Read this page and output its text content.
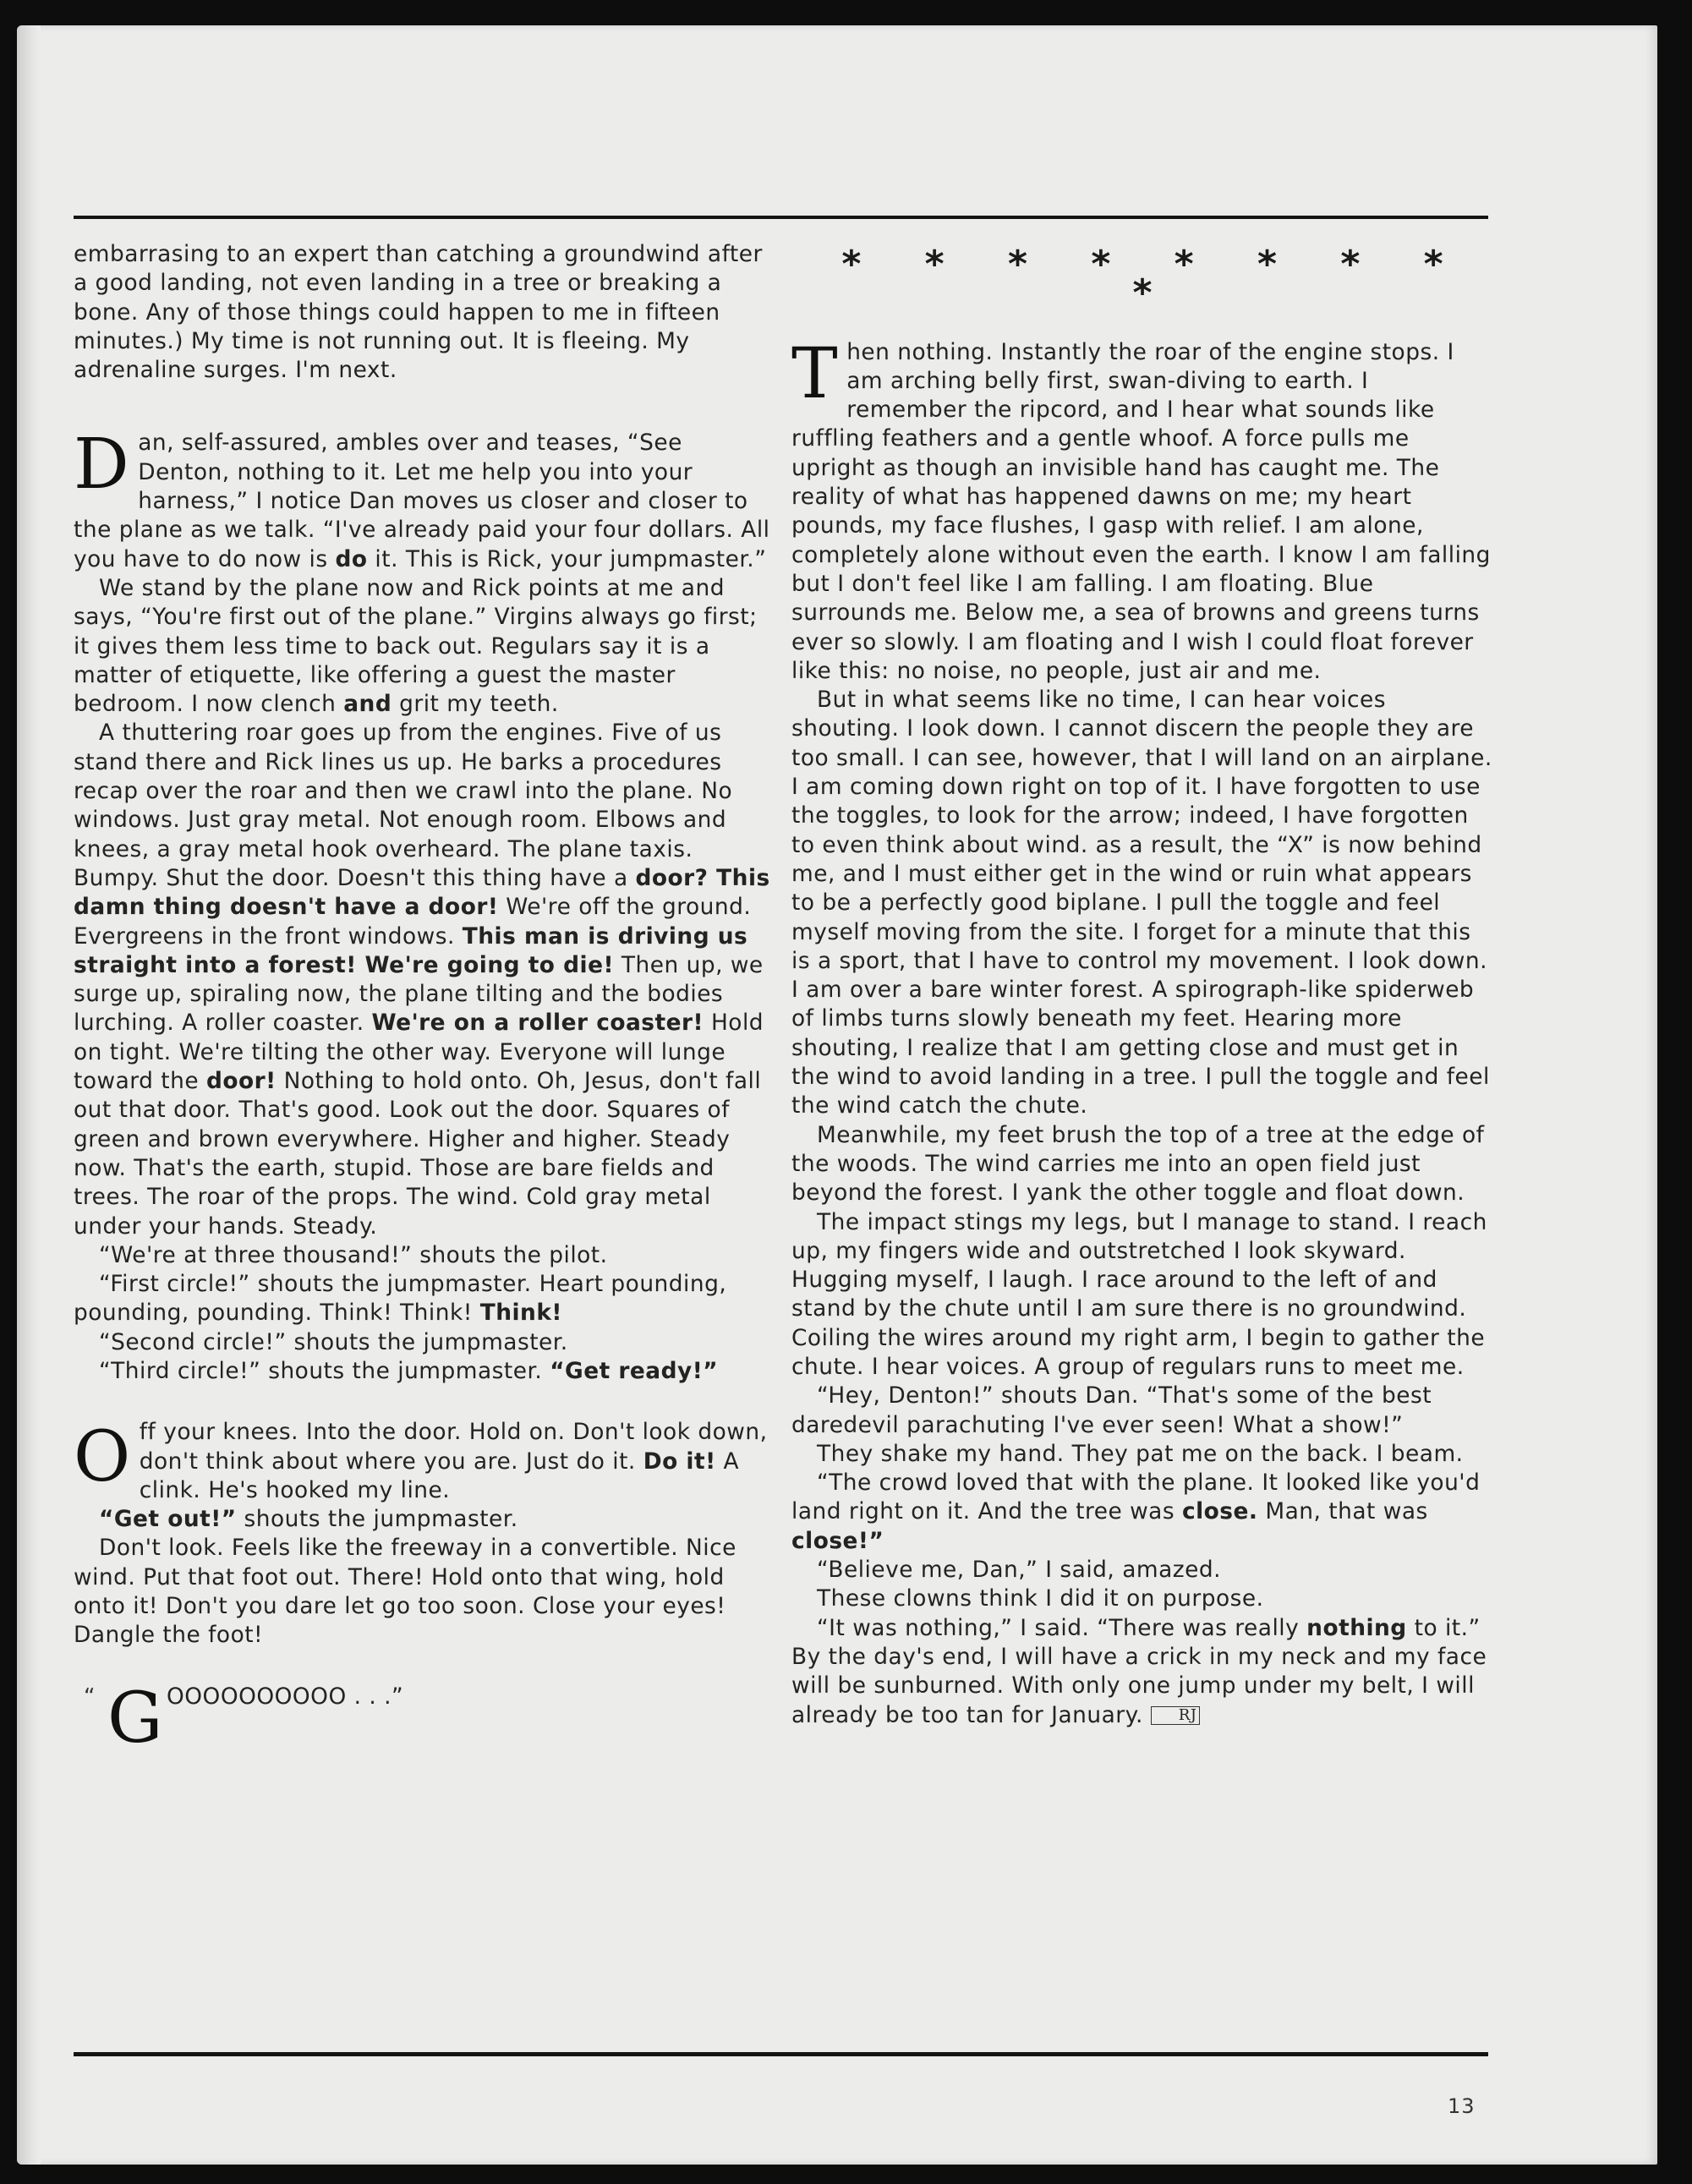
embarrasing to an expert than catching a groundwind after a good landing, not even landing in a tree or breaking a bone. Any of those things could happen to me in fifteen minutes.) My time is not running out. It is fleeing. My adrenaline surges. I'm next.

Dan, self-assured, ambles over and teases, “See Denton, nothing to it. Let me help you into your harness,” I notice Dan moves us closer and closer to the plane as we talk. “I've already paid your four dollars. All you have to do now is do it. This is Rick, your jumpmaster.”

We stand by the plane now and Rick points at me and says, “You're first out of the plane.” Virgins always go first; it gives them less time to back out. Regulars say it is a matter of etiquette, like offering a guest the master bedroom. I now clench and grit my teeth.

A thuttering roar goes up from the engines. Five of us stand there and Rick lines us up. He barks a procedures recap over the roar and then we crawl into the plane. No windows. Just gray metal. Not enough room. Elbows and knees, a gray metal hook overheard. The plane taxis. Bumpy. Shut the door. Doesn't this thing have a door? This damn thing doesn't have a door! We're off the ground. Evergreens in the front windows. This man is driving us straight into a forest! We're going to die! Then up, we surge up, spiraling now, the plane tilting and the bodies lurching. A roller coaster. We're on a roller coaster! Hold on tight. We're tilting the other way. Everyone will lunge toward the door! Nothing to hold onto. Oh, Jesus, don't fall out that door. That's good. Look out the door. Squares of green and brown everywhere. Higher and higher. Steady now. That's the earth, stupid. Those are bare fields and trees. The roar of the props. The wind. Cold gray metal under your hands. Steady.

“We're at three thousand!” shouts the pilot.

“First circle!” shouts the jumpmaster. Heart pounding, pounding, pounding. Think! Think! Think!

“Second circle!” shouts the jumpmaster.

“Third circle!” shouts the jumpmaster. “Get ready!”

Off your knees. Into the door. Hold on. Don't look down, don't think about where you are. Just do it. Do it! A clink. He's hooked my line.

“Get out!” shouts the jumpmaster.

Don't look. Feels like the freeway in a convertible. Nice wind. Put that foot out. There! Hold onto that wing, hold onto it! Don't you dare let go too soon. Close your eyes! Dangle the foot!

“ G OOOOOOOOOO . . .”
* * * * * * * * *

Then nothing. Instantly the roar of the engine stops. I am arching belly first, swan-diving to earth. I remember the ripcord, and I hear what sounds like ruffling feathers and a gentle whoof. A force pulls me upright as though an invisible hand has caught me. The reality of what has happened dawns on me; my heart pounds, my face flushes, I gasp with relief. I am alone, completely alone without even the earth. I know I am falling but I don't feel like I am falling. I am floating. Blue surrounds me. Below me, a sea of browns and greens turns ever so slowly. I am floating and I wish I could float forever like this: no noise, no people, just air and me.

But in what seems like no time, I can hear voices shouting. I look down. I cannot discern the people they are too small. I can see, however, that I will land on an airplane. I am coming down right on top of it. I have forgotten to use the toggles, to look for the arrow; indeed, I have forgotten to even think about wind. as a result, the “X” is now behind me, and I must either get in the wind or ruin what appears to be a perfectly good biplane. I pull the toggle and feel myself moving from the site. I forget for a minute that this is a sport, that I have to control my movement. I look down. I am over a bare winter forest. A spirograph-like spiderweb of limbs turns slowly beneath my feet. Hearing more shouting, I realize that I am getting close and must get in the wind to avoid landing in a tree. I pull the toggle and feel the wind catch the chute.

Meanwhile, my feet brush the top of a tree at the edge of the woods. The wind carries me into an open field just beyond the forest. I yank the other toggle and float down.

The impact stings my legs, but I manage to stand. I reach up, my fingers wide and outstretched I look skyward. Hugging myself, I laugh. I race around to the left of and stand by the chute until I am sure there is no groundwind. Coiling the wires around my right arm, I begin to gather the chute. I hear voices. A group of regulars runs to meet me.

“Hey, Denton!” shouts Dan. “That's some of the best daredevil parachuting I've ever seen! What a show!”

They shake my hand. They pat me on the back. I beam.

“The crowd loved that with the plane. It looked like you'd land right on it. And the tree was close. Man, that was close!”

“Believe me, Dan,” I said, amazed.

These clowns think I did it on purpose.

“It was nothing,” I said. “There was really nothing to it.” By the day's end, I will have a crick in my neck and my face will be sunburned. With only one jump under my belt, I will already be too tan for January. RJ

13
